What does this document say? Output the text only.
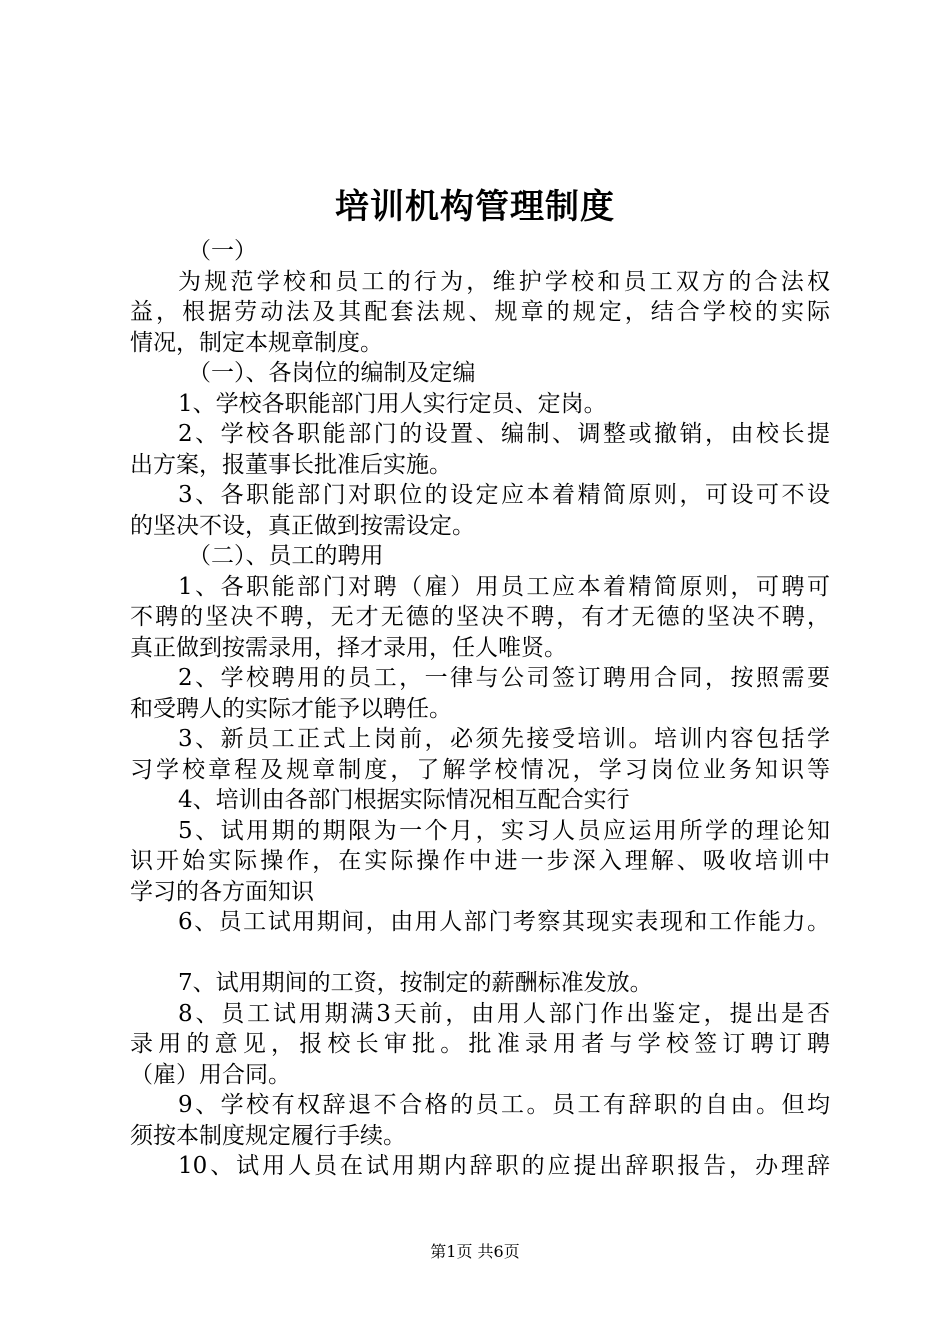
培训机构管理制度
（一）
为规范学校和员工的行为，维护学校和员工双方的合法权
益，根据劳动法及其配套法规、规章的规定，结合学校的实际
情况，制定本规章制度。
（一）、各岗位的编制及定编
1、学校各职能部门用人实行定员、定岗。
2、学校各职能部门的设置、编制、调整或撤销，由校长提
出方案，报董事长批准后实施。
3、各职能部门对职位的设定应本着精简原则，可设可不设
的坚决不设，真正做到按需设定。
（二）、员工的聘用
1、各职能部门对聘（雇）用员工应本着精简原则，可聘可
不聘的坚决不聘，无才无德的坚决不聘，有才无德的坚决不聘，
真正做到按需录用，择才录用，任人唯贤。
2、学校聘用的员工，一律与公司签订聘用合同，按照需要
和受聘人的实际才能予以聘任。
3、新员工正式上岗前，必须先接受培训。培训内容包括学
习学校章程及规章制度，了解学校情况，学习岗位业务知识等
4、培训由各部门根据实际情况相互配合实行
5、试用期的期限为一个月，实习人员应运用所学的理论知
识开始实际操作，在实际操作中进一步深入理解、吸收培训中
学习的各方面知识
6、员工试用期间，由用人部门考察其现实表现和工作能力。
7、试用期间的工资，按制定的薪酬标准发放。
8、员工试用期满3天前，由用人部门作出鉴定，提出是否
录用的意见，报校长审批。批准录用者与学校签订聘订聘
（雇）用合同。
9、学校有权辞退不合格的员工。员工有辞职的自由。但均
须按本制度规定履行手续。
10、试用人员在试用期内辞职的应提出辞职报告，办理辞
第1页 共6页
